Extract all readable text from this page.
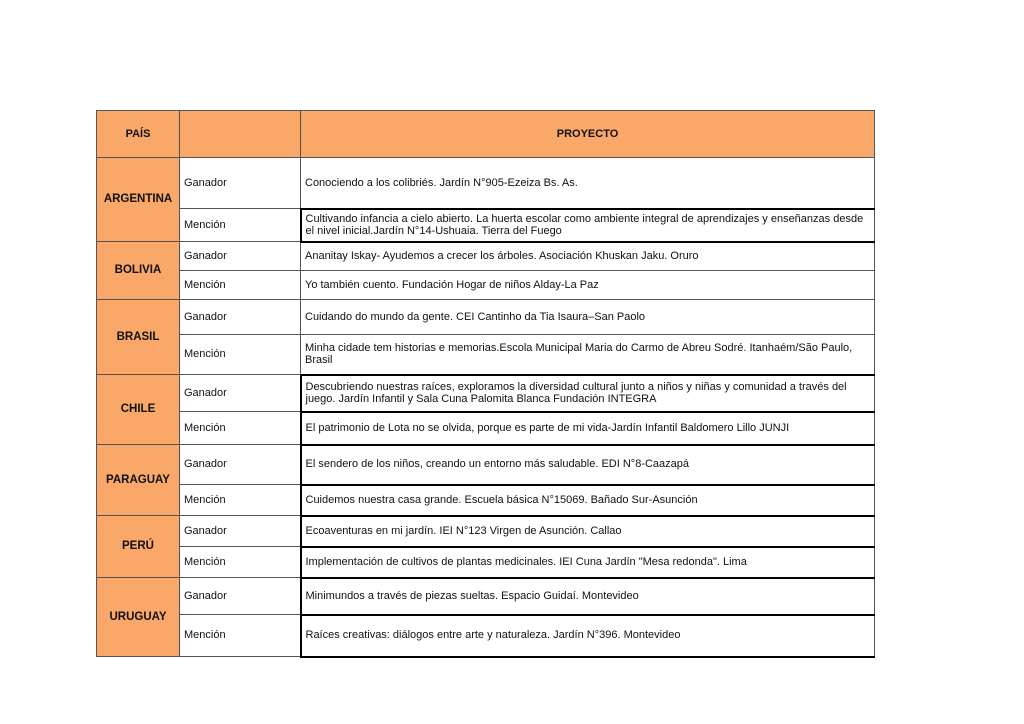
PAÍS		PROYECTO
ARGENTINA	Ganador	Conociendo a los colibriés. Jardín N°905-Ezeiza Bs. As.
	Mención	Cultivando infancia a cielo abierto. La huerta escolar como ambiente integral de aprendizajes y enseñanzas desde el nivel inicial.Jardín N°14-Ushuaia. Tierra del Fuego
BOLIVIA	Ganador	Ananitay Iskay- Ayudemos a crecer los árboles. Asociación Khuskan Jaku. Oruro
	Mención	Yo también cuento. Fundación Hogar de niños Alday-La Paz
BRASIL	Ganador	Cuidando do mundo da gente. CEI Cantinho da Tia Isaura–San Paolo
	Mención	Minha cidade tem historias e memorias.Escola Municipal Maria do Carmo de Abreu Sodré. Itanhaém/São Paulo, Brasil
CHILE	Ganador	Descubriendo nuestras raíces, exploramos la diversidad cultural junto a niños y niñas y comunidad a través del juego. Jardín Infantil y Sala Cuna Palomita Blanca Fundación INTEGRA
	Mención	El patrimonio de Lota no se olvida, porque es parte de mi vida-Jardín Infantil Baldomero Lillo JUNJI
PARAGUAY	Ganador	El sendero de los niños, creando un entorno más saludable. EDI N°8-Caazapá
	Mención	Cuidemos nuestra casa grande. Escuela básica N°15069. Bañado Sur-Asunción
PERÚ	Ganador	Ecoaventuras en mi jardín. IEI N°123 Virgen de Asunción. Callao
	Mención	Implementación de cultivos de plantas medicinales. IEI Cuna Jardín "Mesa redonda". Lima
URUGUAY	Ganador	Minimundos a través de piezas sueltas. Espacio Guidaí. Montevideo
	Mención	Raíces creativas: diálogos entre arte y naturaleza. Jardín N°396. Montevideo
